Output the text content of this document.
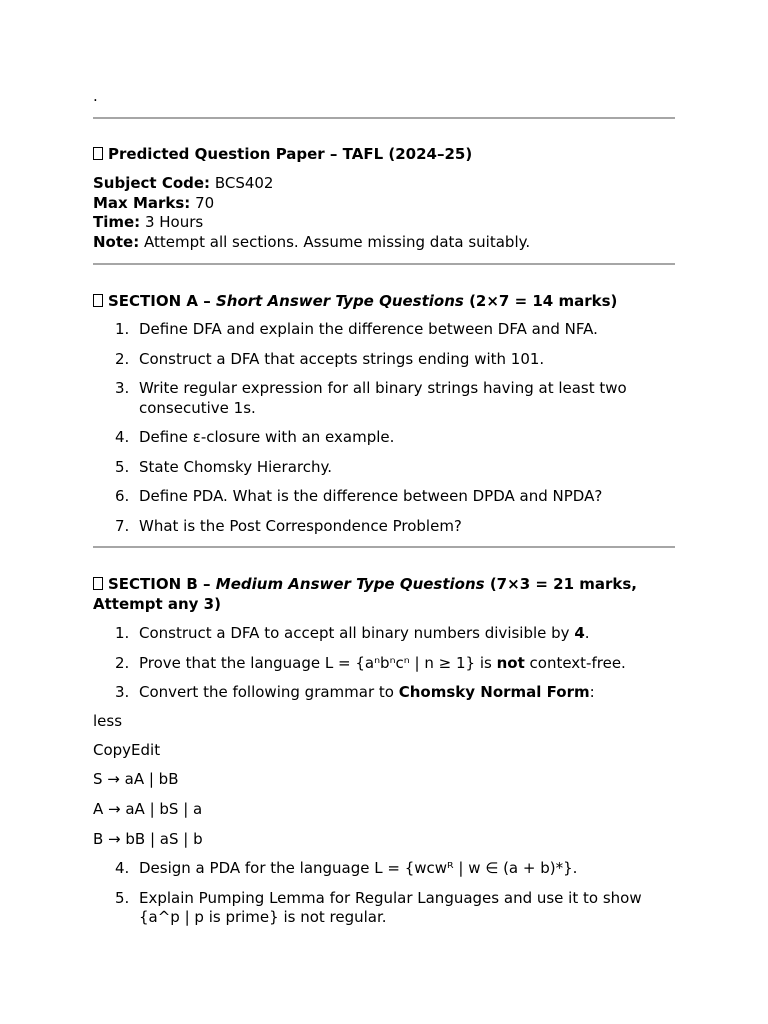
.
Predicted Question Paper – TAFL (2024–25)
Subject Code: BCS402
Max Marks: 70
Time: 3 Hours
Note: Attempt all sections. Assume missing data suitably.
SECTION A – Short Answer Type Questions (2×7 = 14 marks)
1. Define DFA and explain the difference between DFA and NFA.
2. Construct a DFA that accepts strings ending with 101.
3. Write regular expression for all binary strings having at least two consecutive 1s.
4. Define ε-closure with an example.
5. State Chomsky Hierarchy.
6. Define PDA. What is the difference between DPDA and NPDA?
7. What is the Post Correspondence Problem?
SECTION B – Medium Answer Type Questions (7×3 = 21 marks,
Attempt any 3)
1. Construct a DFA to accept all binary numbers divisible by 4.
2. Prove that the language L = {aⁿbⁿcⁿ | n ≥ 1} is not context-free.
3. Convert the following grammar to Chomsky Normal Form:
less
CopyEdit
S → aA | bB
A → aA | bS | a
B → bB | aS | b
4. Design a PDA for the language L = {wcwᴿ | w ∈ (a + b)*}.
5. Explain Pumping Lemma for Regular Languages and use it to show
{a^p | p is prime} is not regular.
